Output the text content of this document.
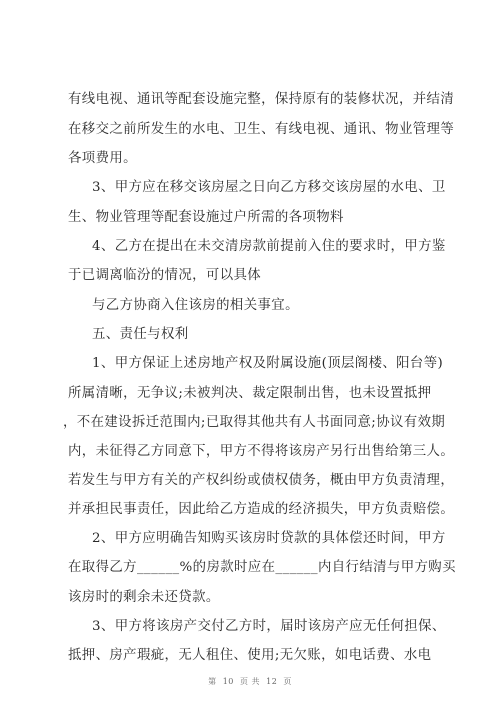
有线电视、通讯等配套设施完整，保持原有的装修状况，并结清
在移交之前所发生的水电、卫生、有线电视、通讯、物业管理等
各项费用。
3、甲方应在移交该房屋之日向乙方移交该房屋的水电、卫
生、物业管理等配套设施过户所需的各项物料
4、乙方在提出在未交清房款前提前入住的要求时，甲方鉴
于已调离临汾的情况，可以具体
与乙方协商入住该房的相关事宜。
五、责任与权利
1、甲方保证上述房地产权及附属设施(顶层阁楼、阳台等)
所属清晰，无争议;未被判决、裁定限制出售，也未设置抵押
，不在建设拆迁范围内;已取得其他共有人书面同意;协议有效期
内，未征得乙方同意下，甲方不得将该房产另行出售给第三人。
若发生与甲方有关的产权纠纷或债权债务，概由甲方负责清理，
并承担民事责任，因此给乙方造成的经济损失，甲方负责赔偿。
2、甲方应明确告知购买该房时贷款的具体偿还时间，甲方
在取得乙方______%的房款时应在______内自行结清与甲方购买
该房时的剩余未还贷款。
3、甲方将该房产交付乙方时，届时该房产应无任何担保、
抵押、房产瑕疵，无人租住、使用;无欠账，如电话费、水电
第  10  页 共  12  页
